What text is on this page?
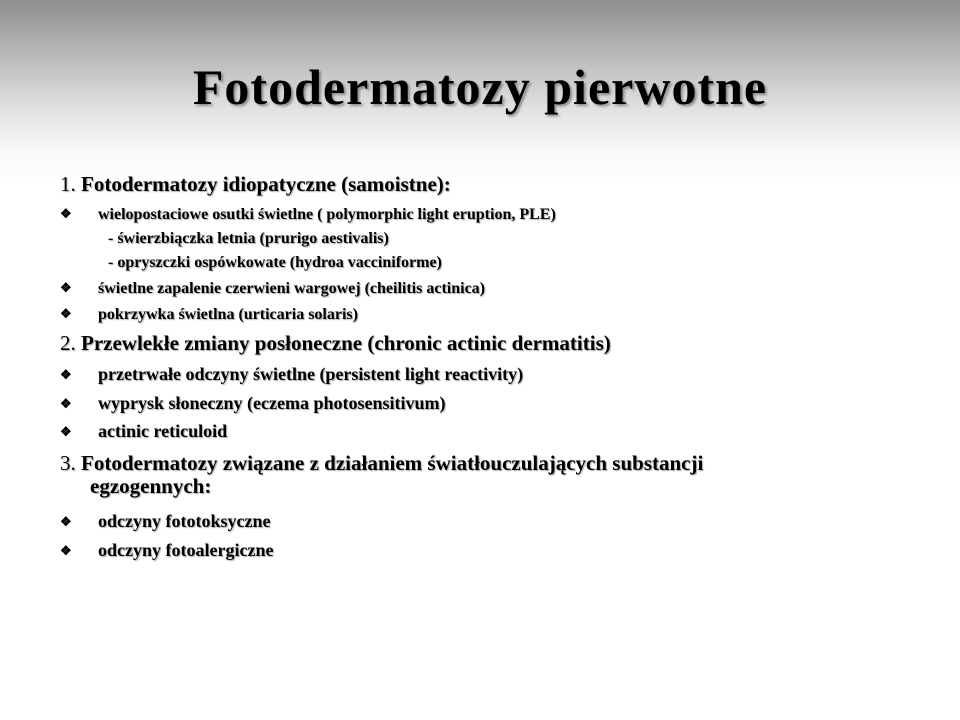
Fotodermatozy pierwotne
1. Fotodermatozy idiopatyczne (samoistne):
❖ wielopostaciowe osutki świetlne ( polymorphic light eruption, PLE)
- świerzbiączka letnia (prurigo aestivalis)
- opryszczki ospówkowate (hydroa vacciniforme)
❖ świetlne zapalenie czerwieni wargowej (cheilitis actinica)
❖ pokrzywka świetlna (urticaria solaris)
2. Przewlekłe zmiany posłoneczne (chronic actinic dermatitis)
❖ przetrwałe odczyny świetlne (persistent light reactivity)
❖ wyprysk słoneczny (eczema photosensitivum)
❖ actinic reticuloid
3. Fotodermatozy związane z działaniem światłouczulających substancji
egzogennych:
❖ odczyny fototoksyczne
❖ odczyny fotoalergiczne
